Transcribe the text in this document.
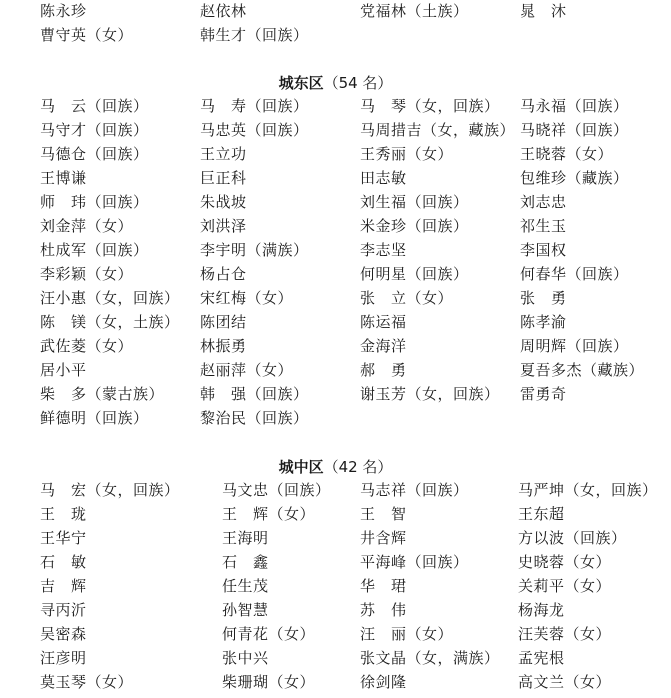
陈永珍	赵依林	党福林（土族）	晁　沐
曹守英（女）	韩生才（回族）
城东区（54 名）
马　云（回族）	马　寿（回族）	马　琴（女，回族） 马永福（回族）
马守才（回族）	马忠英（回族）	马周措吉（女，藏族） 马晓祥（回族）
马德仓（回族）	王立功	王秀丽（女）	王晓蓉（女）
王博谦	巨正科	田志敏	包维珍（藏族）
师　玮（回族）	朱战坡	刘生福（回族）	刘志忠
刘金萍（女）	刘洪泽	米金珍（回族）	祁生玉
杜成军（回族）	李宇明（满族）	李志坚	李国权
李彩颖（女）	杨占仓	何明星（回族）	何春华（回族）
汪小惠（女，回族） 宋红梅（女）	张　立（女）	张　勇
陈　镁（女，土族） 陈团结	陈运福	陈孝渝
武佐菱（女）	林振勇	金海洋	周明辉（回族）
居小平	赵丽萍（女）	郝　勇	夏吾多杰（藏族）
柴　多（蒙古族） 韩　强（回族）	谢玉芳（女，回族） 雷勇奇
鲜德明（回族）	黎治民（回族）
城中区（42 名）
马　宏（女，回族）	马文忠（回族） 马志祥（回族）	马严坤（女，回族）
王　珑	王　辉（女）	王　智	王东超
王华宁	王海明	井含辉	方以波（回族）
石　敏	石　鑫	平海峰（回族）	史晓蓉（女）
吉　辉	任生茂	华　珺	关莉平（女）
寻丙沂	孙智慧	苏　伟	杨海龙
吴密森	何青花（女）	汪　丽（女）	汪芙蓉（女）
汪彦明	张中兴	张文晶（女，满族） 孟宪根
莫玉琴（女）	柴珊瑚（女）	徐剑隆	高文兰（女）
